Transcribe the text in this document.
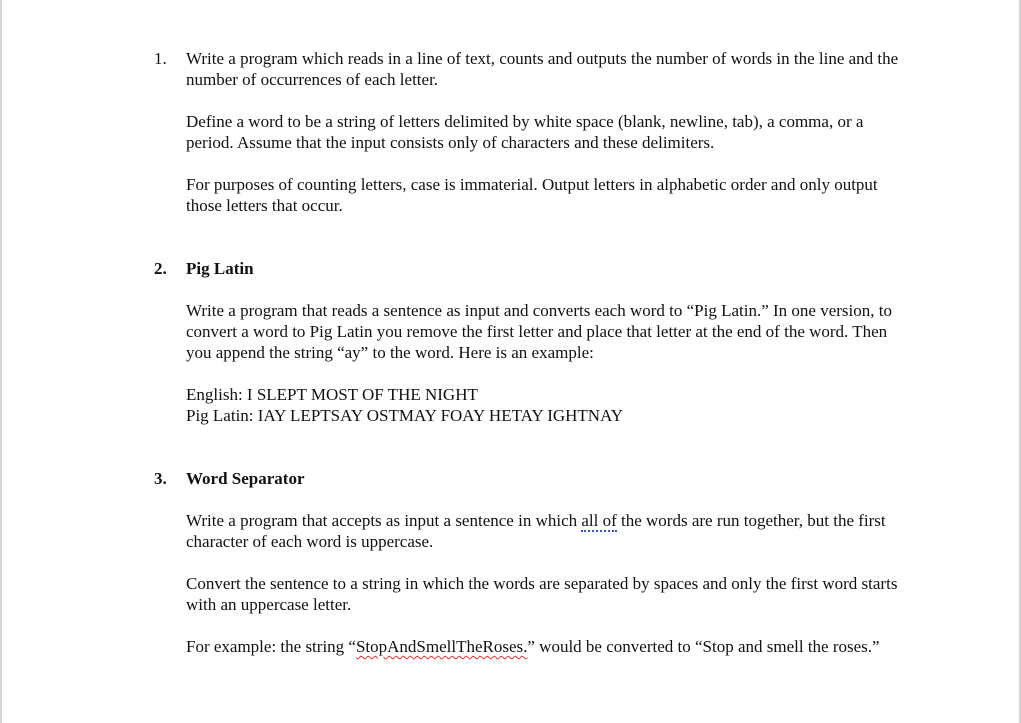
1.	Write a program which reads in a line of text, counts and outputs the number of words in the line and the number of occurrences of each letter.

Define a word to be a string of letters delimited by white space (blank, newline, tab), a comma, or a period. Assume that the input consists only of characters and these delimiters.

For purposes of counting letters, case is immaterial. Output letters in alphabetic order and only output those letters that occur.

2.	Pig Latin

Write a program that reads a sentence as input and converts each word to “Pig Latin.” In one version, to convert a word to Pig Latin you remove the first letter and place that letter at the end of the word. Then you append the string “ay” to the word. Here is an example:

English: I SLEPT MOST OF THE NIGHT

Pig Latin: IAY LEPTSAY OSTMAY FOAY HETAY IGHTNAY

3.	Word Separator

Write a program that accepts as input a sentence in which all of the words are run together, but the first character of each word is uppercase.

Convert the sentence to a string in which the words are separated by spaces and only the first word starts with an uppercase letter.

For example: the string “StopAndSmellTheRoses.” would be converted to “Stop and smell the roses.”
